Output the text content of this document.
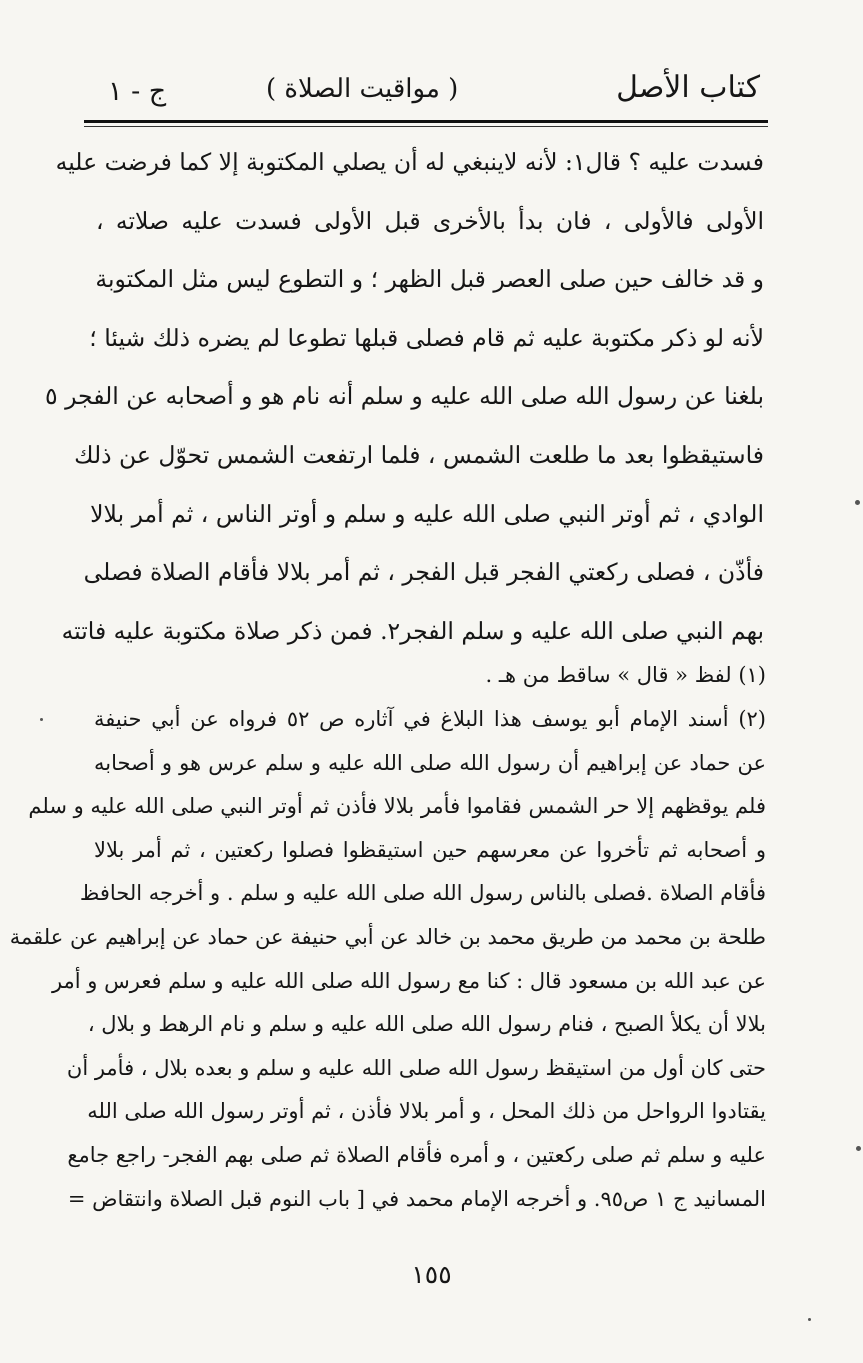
كتاب الأصل
( مواقيت الصلاة )
ج - ١
فسدت عليه ؟ قال١: لأنه لاينبغي له أن يصلي المكتوبة إلا كما فرضت عليه
الأولى فالأولى ، فان بدأ بالأخرى قبل الأولى فسدت عليه صلاته ،
و قد خالف حين صلى العصر قبل الظهر ؛ و التطوع ليس مثل المكتوبة
لأنه لو ذكر مكتوبة عليه ثم قام فصلى قبلها تطوعا لم يضره ذلك شيئا ؛
بلغنا عن رسول الله صلى الله عليه و سلم أنه نام هو و أصحابه عن الفجر ٥
فاستيقظوا بعد ما طلعت الشمس ، فلما ارتفعت الشمس تحوّل عن ذلك
الوادي ، ثم أوتر النبي صلى الله عليه و سلم و أوتر الناس ، ثم أمر بلالا
فأذّن ، فصلى ركعتي الفجر قبل الفجر ، ثم أمر بلالا فأقام الصلاة فصلى
بهم النبي صلى الله عليه و سلم الفجر٢. فمن ذكر صلاة مكتوبة عليه فاتته
(١) لفظ « قال » ساقط من هـ .
(٢) أسند الإمام أبو يوسف هذا البلاغ في آثاره ص ٥٢ فرواه عن أبي حنيفة
عن حماد عن إبراهيم أن رسول الله صلى الله عليه و سلم عرس هو و أصحابه
فلم يوقظهم إلا حر الشمس فقاموا فأمر بلالا فأذن ثم أوتر النبي صلى الله عليه و سلم
و أصحابه ثم تأخروا عن معرسهم حين استيقظوا فصلوا ركعتين ، ثم أمر بلالا
فأقام الصلاة .فصلى بالناس رسول الله صلى الله عليه و سلم . و أخرجه الحافظ
طلحة بن محمد من طريق محمد بن خالد عن أبي حنيفة عن حماد عن إبراهيم عن علقمة
عن عبد الله بن مسعود قال : كنا مع رسول الله صلى الله عليه و سلم فعرس و أمر
بلالا أن يكلأ الصبح ، فنام رسول الله صلى الله عليه و سلم و نام الرهط و بلال ،
حتى كان أول من استيقظ رسول الله صلى الله عليه و سلم و بعده بلال ، فأمر أن
يقتادوا الرواحل من ذلك المحل ، و أمر بلالا فأذن ، ثم أوتر رسول الله صلى الله
عليه و سلم ثم صلى ركعتين ، و أمره فأقام الصلاة ثم صلى بهم الفجر- راجع جامع
المسانيد ج ١ ص٩٥. و أخرجه الإمام محمد في [ باب النوم قبل الصلاة وانتقاض =
١٥٥
